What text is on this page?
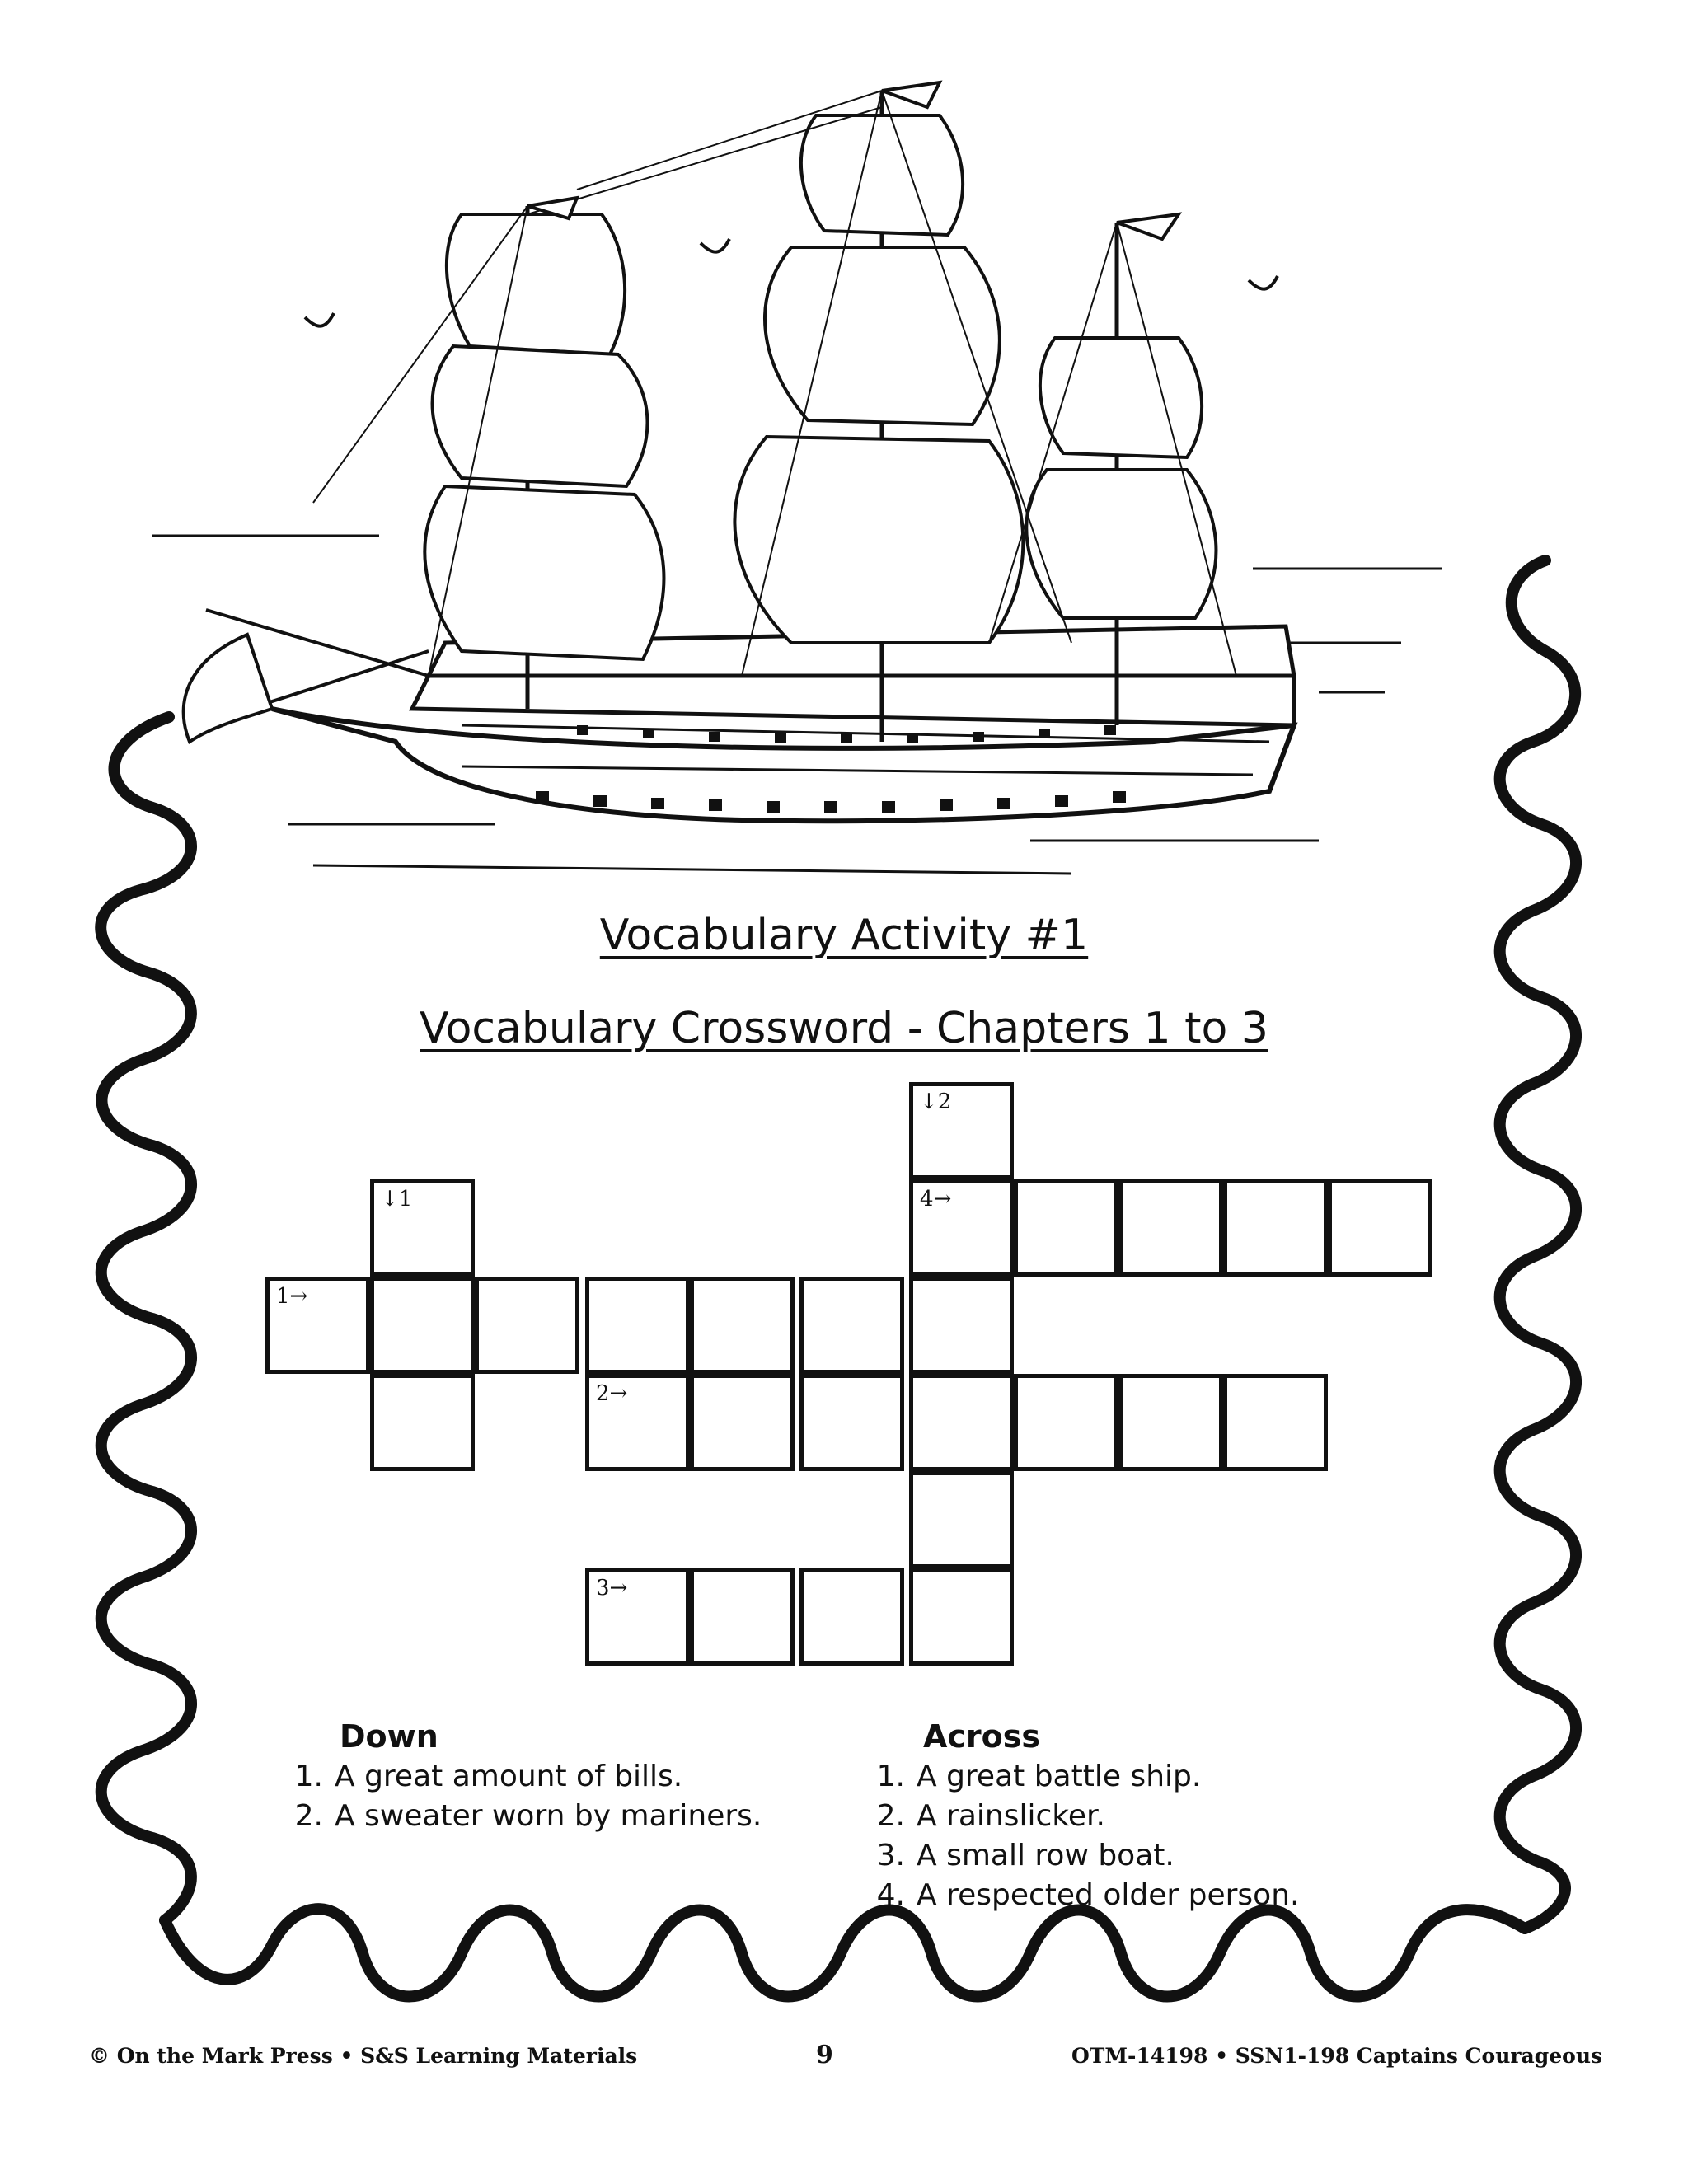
Vocabulary Activity #1
Vocabulary Crossword - Chapters 1 to 3
↓2
4→
↓1
1→
2→
3→
Down
1. A great amount of bills.
2. A sweater worn by mariners.
Across
1. A great battle ship.
2. A rainslicker.
3. A small row boat.
4. A respected older person.
© On the Mark Press • S&S Learning Materials	9	OTM-14198 • SSN1-198 Captains Courageous
